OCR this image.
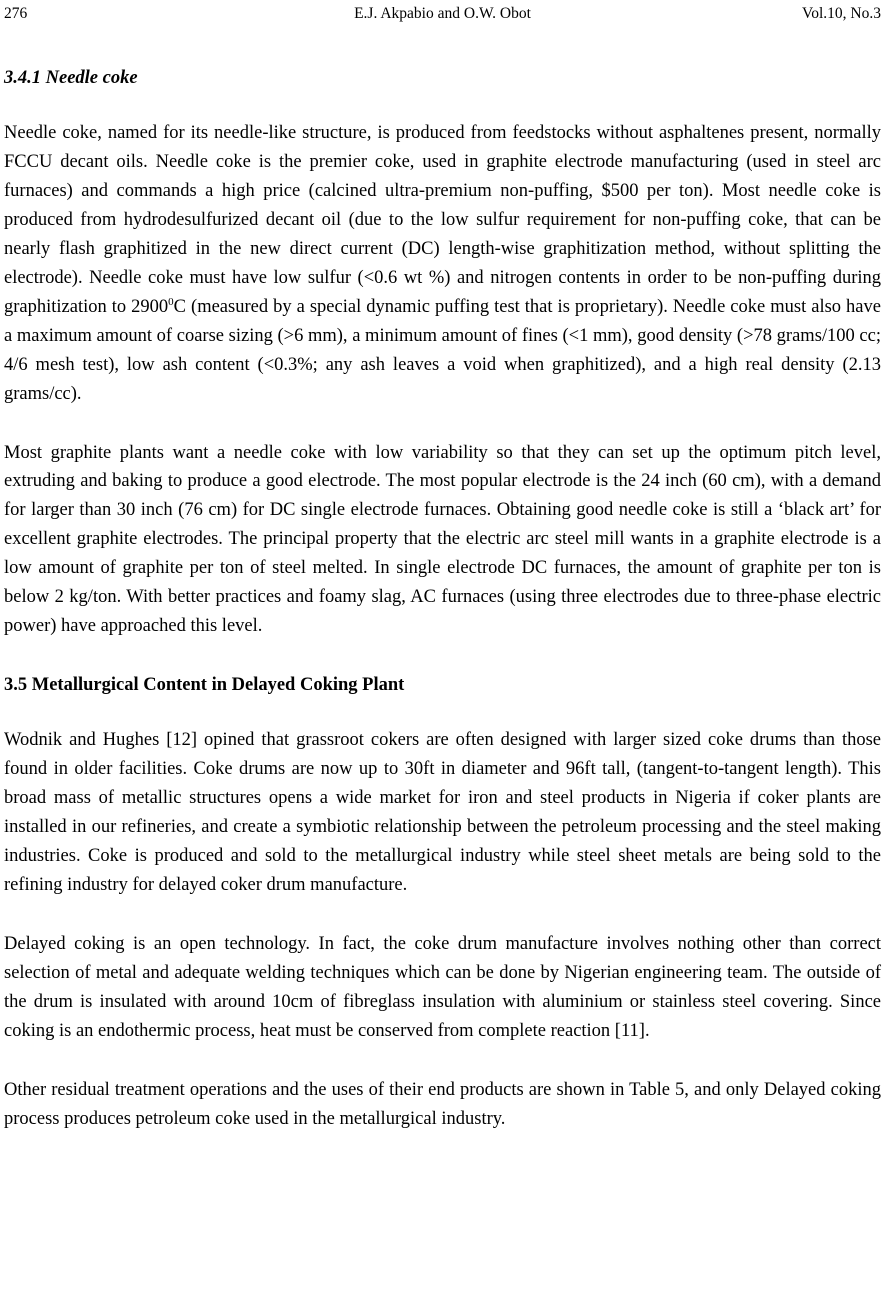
276	E.J. Akpabio and O.W. Obot	Vol.10, No.3
3.4.1 Needle coke

Needle coke, named for its needle-like structure, is produced from feedstocks without asphaltenes present, normally FCCU decant oils. Needle coke is the premier coke, used in graphite electrode manufacturing (used in steel arc furnaces) and commands a high price (calcined ultra-premium non-puffing, $500 per ton). Most needle coke is produced from hydrodesulfurized decant oil (due to the low sulfur requirement for non-puffing coke, that can be nearly flash graphitized in the new direct current (DC) length-wise graphitization method, without splitting the electrode). Needle coke must have low sulfur (<0.6 wt %) and nitrogen contents in order to be non-puffing during graphitization to 2900$^0$C (measured by a special dynamic puffing test that is proprietary). Needle coke must also have a maximum amount of coarse sizing (>6 mm), a minimum amount of fines (<1 mm), good density (>78 grams/100 cc; 4/6 mesh test), low ash content (<0.3%; any ash leaves a void when graphitized), and a high real density (2.13 grams/cc).

Most graphite plants want a needle coke with low variability so that they can set up the optimum pitch level, extruding and baking to produce a good electrode. The most popular electrode is the 24 inch (60 cm), with a demand for larger than 30 inch (76 cm) for DC single electrode furnaces. Obtaining good needle coke is still a ‘black art’ for excellent graphite electrodes. The principal property that the electric arc steel mill wants in a graphite electrode is a low amount of graphite per ton of steel melted. In single electrode DC furnaces, the amount of graphite per ton is below 2 kg/ton. With better practices and foamy slag, AC furnaces (using three electrodes due to three-phase electric power) have approached this level.

3.5 Metallurgical Content in Delayed Coking Plant

Wodnik and Hughes [12] opined that grassroot cokers are often designed with larger sized coke drums than those found in older facilities. Coke drums are now up to 30ft in diameter and 96ft tall, (tangent-to-tangent length). This broad mass of metallic structures opens a wide market for iron and steel products in Nigeria if coker plants are installed in our refineries, and create a symbiotic relationship between the petroleum processing and the steel making industries. Coke is produced and sold to the metallurgical industry while steel sheet metals are being sold to the refining industry for delayed coker drum manufacture.

Delayed coking is an open technology. In fact, the coke drum manufacture involves nothing other than correct selection of metal and adequate welding techniques which can be done by Nigerian engineering team. The outside of the drum is insulated with around 10cm of fibreglass insulation with aluminium or stainless steel covering. Since coking is an endothermic process, heat must be conserved from complete reaction [11].

Other residual treatment operations and the uses of their end products are shown in Table 5, and only Delayed coking process produces petroleum coke used in the metallurgical industry.
